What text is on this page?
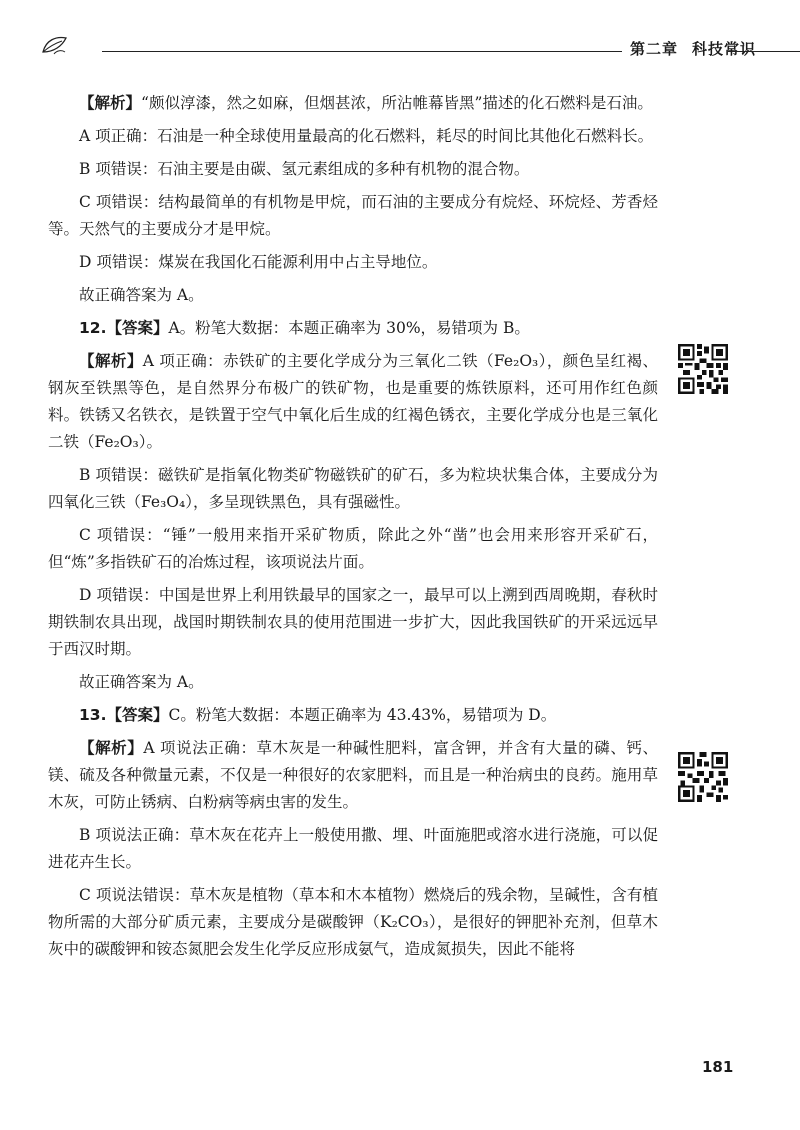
第二章 科技常识

【解析】“颇似淳漆，然之如麻，但烟甚浓，所沾帷幕皆黑”描述的化石燃料是石油。

A 项正确：石油是一种全球使用量最高的化石燃料，耗尽的时间比其他化石燃料长。

B 项错误：石油主要是由碳、氢元素组成的多种有机物的混合物。

C 项错误：结构最简单的有机物是甲烷，而石油的主要成分有烷烃、环烷烃、芳香烃等。天然气的主要成分才是甲烷。

D 项错误：煤炭在我国化石能源利用中占主导地位。

故正确答案为 A。

12.【答案】A。粉笔大数据：本题正确率为 30%，易错项为 B。

【解析】A 项正确：赤铁矿的主要化学成分为三氧化二铁（Fe₂O₃），颜色呈红褐、钢灰至铁黑等色，是自然界分布极广的铁矿物，也是重要的炼铁原料，还可用作红色颜料。铁锈又名铁衣，是铁置于空气中氧化后生成的红褐色锈衣，主要化学成分也是三氧化二铁（Fe₂O₃）。

B 项错误：磁铁矿是指氧化物类矿物磁铁矿的矿石，多为粒块状集合体，主要成分为四氧化三铁（Fe₃O₄），多呈现铁黑色，具有强磁性。

C 项错误：“锤”一般用来指开采矿物质，除此之外“凿”也会用来形容开采矿石，但“炼”多指铁矿石的冶炼过程，该项说法片面。

D 项错误：中国是世界上利用铁最早的国家之一，最早可以上溯到西周晚期，春秋时期铁制农具出现，战国时期铁制农具的使用范围进一步扩大，因此我国铁矿的开采远远早于西汉时期。

故正确答案为 A。

13.【答案】C。粉笔大数据：本题正确率为 43.43%，易错项为 D。

【解析】A 项说法正确：草木灰是一种碱性肥料，富含钾，并含有大量的磷、钙、镁、硫及各种微量元素，不仅是一种很好的农家肥料，而且是一种治病虫的良药。施用草木灰，可防止锈病、白粉病等病虫害的发生。

B 项说法正确：草木灰在花卉上一般使用撒、埋、叶面施肥或溶水进行浇施，可以促进花卉生长。

C 项说法错误：草木灰是植物（草本和木本植物）燃烧后的残余物，呈碱性，含有植物所需的大部分矿质元素，主要成分是碳酸钾（K₂CO₃），是很好的钾肥补充剂，但草木灰中的碳酸钾和铵态氮肥会发生化学反应形成氨气，造成氮损失，因此不能将

181
